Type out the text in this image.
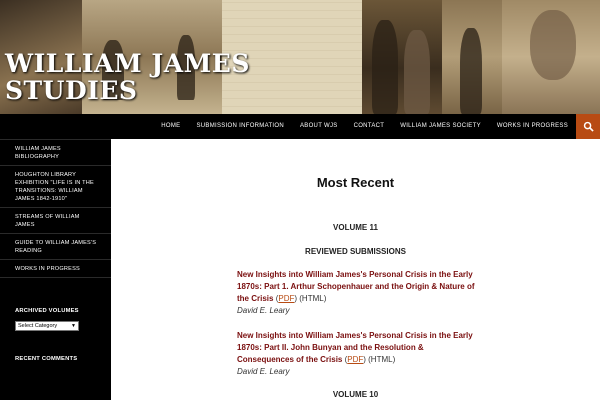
WILLIAM JAMES
STUDIES
HOME	SUBMISSION INFORMATION	ABOUT WJS	CONTACT	WILLIAM JAMES SOCIETY	WORKS IN PROGRESS
WILLIAM JAMES BIBLIOGRAPHY
HOUGHTON LIBRARY EXHIBITION "LIFE IS IN THE TRANSITIONS: WILLIAM JAMES 1842-1910"
STREAMS OF WILLIAM JAMES
GUIDE TO WILLIAM JAMES'S READING
WORKS IN PROGRESS
ARCHIVED VOLUMES
Select Category	▼
RECENT COMMENTS
Most Recent
VOLUME 11
REVIEWED SUBMISSIONS
New Insights into William James's Personal Crisis in the Early 1870s: Part 1. Arthur Schopenhauer and the Origin & Nature of the Crisis (PDF) (HTML)
David E. Leary
New Insights into William James's Personal Crisis in the Early 1870s: Part II. John Bunyan and the Resolution & Consequences of the Crisis (PDF) (HTML)
David E. Leary
VOLUME 10
